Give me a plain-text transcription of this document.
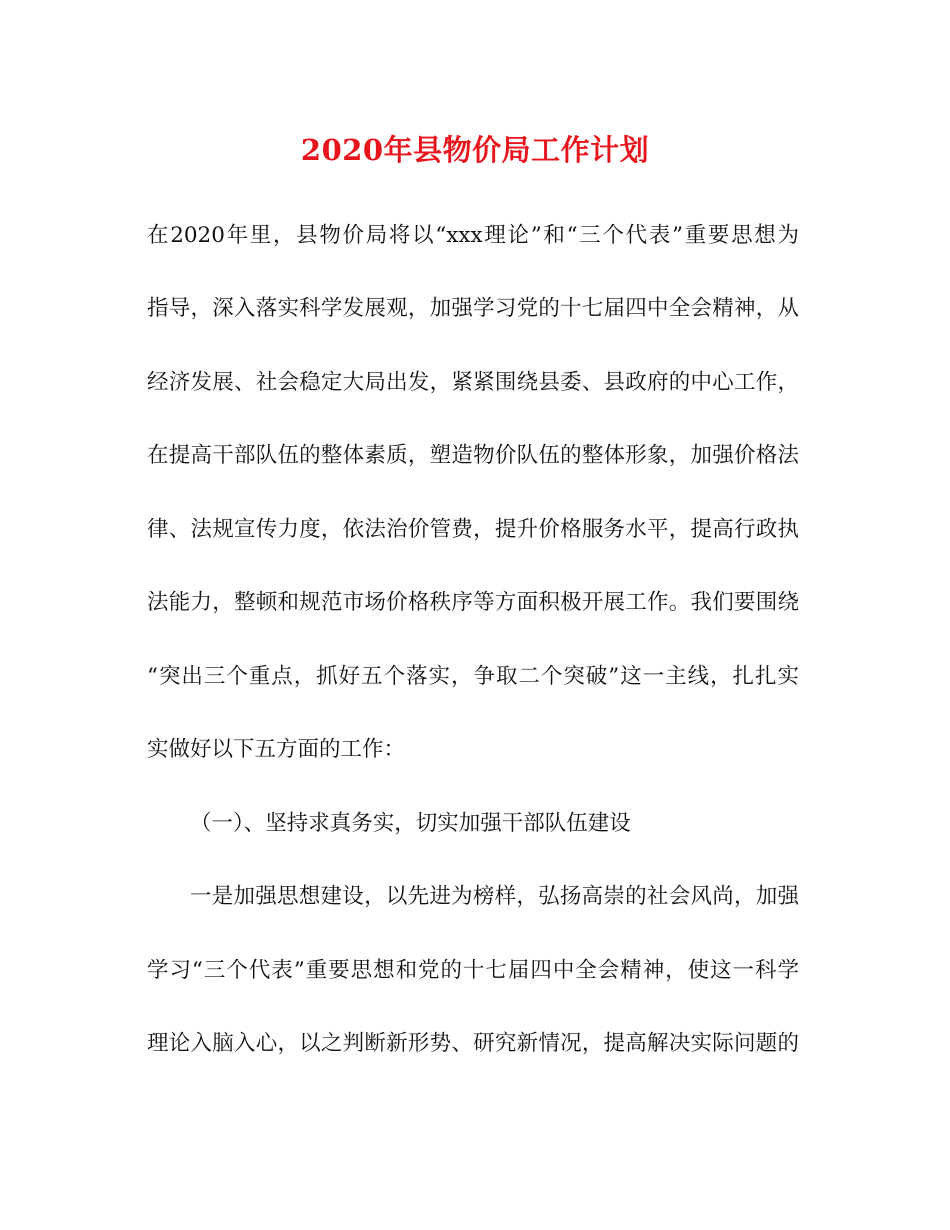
2020年县物价局工作计划

在2020年里，县物价局将以“xxx理论”和“三个代表”重要思想为

指导，深入落实科学发展观，加强学习党的十七届四中全会精神，从

经济发展、社会稳定大局出发，紧紧围绕县委、县政府的中心工作，

在提高干部队伍的整体素质，塑造物价队伍的整体形象，加强价格法

律、法规宣传力度，依法治价管费，提升价格服务水平，提高行政执

法能力，整顿和规范市场价格秩序等方面积极开展工作。我们要围绕

“突出三个重点，抓好五个落实，争取二个突破”这一主线，扎扎实

实做好以下五方面的工作：

（一）、坚持求真务实，切实加强干部队伍建设

一是加强思想建设，以先进为榜样，弘扬高崇的社会风尚，加强

学习“三个代表”重要思想和党的十七届四中全会精神，使这一科学

理论入脑入心，以之判断新形势、研究新情况，提高解决实际问题的
